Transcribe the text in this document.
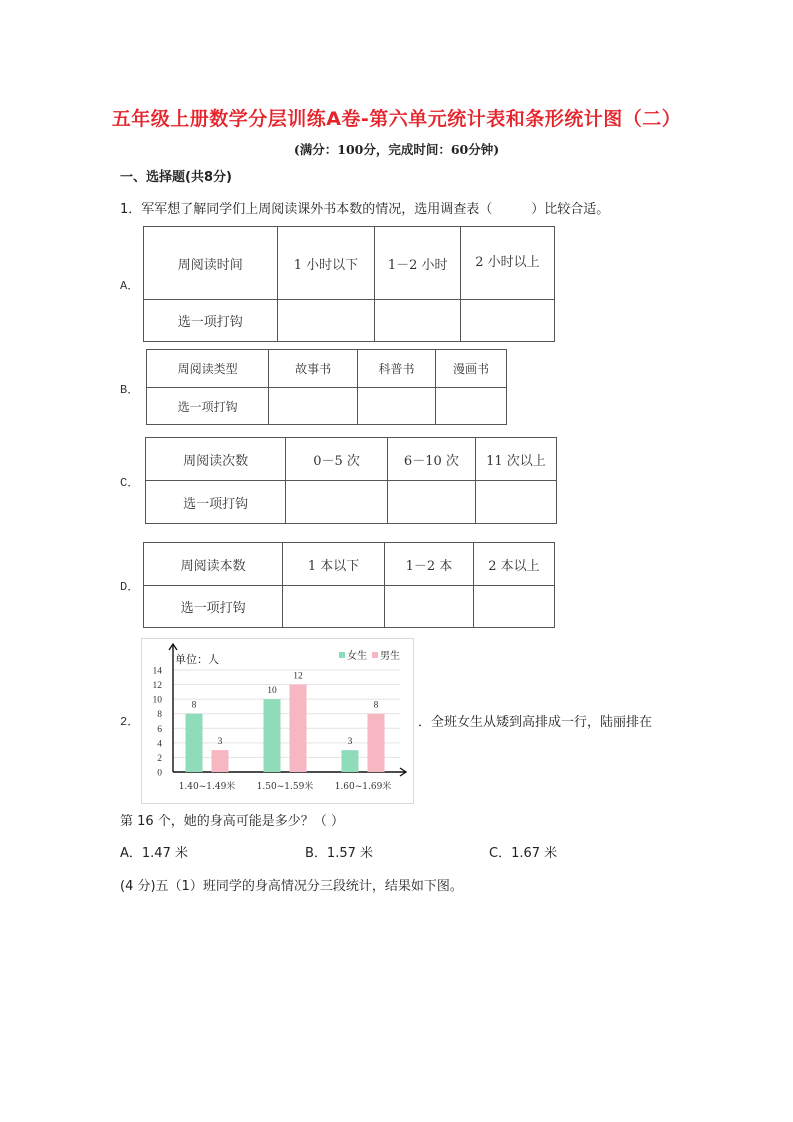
五年级上册数学分层训练A卷-第六单元统计表和条形统计图（二）
(满分：100分，完成时间：60分钟)
一、选择题(共8分)
1．军军想了解同学们上周阅读课外书本数的情况，选用调查表（　　　）比较合适。
A．
周阅读时间	1 小时以下	1－2 小时	2 小时以上
选一项打钩			
B．
周阅读类型	故事书	科普书	漫画书
选一项打钩			
C．
周阅读次数	0－5 次	6－10 次	11 次以上
选一项打钩			
D．
周阅读本数	1 本以下	1－2 本	2 本以上
选一项打钩			
2．
0
2
4
6
8
10
12
14
单位：人	女生 男生
8
3
1.40~1.49米
10
12
1.50~1.59米
3
8
1.60~1.69米
．全班女生从矮到高排成一行，陆丽排在
第 16 个，她的身高可能是多少？（ ）
A．1.47 米	B．1.57 米	C．1.67 米
(4 分)五（1）班同学的身高情况分三段统计，结果如下图。
